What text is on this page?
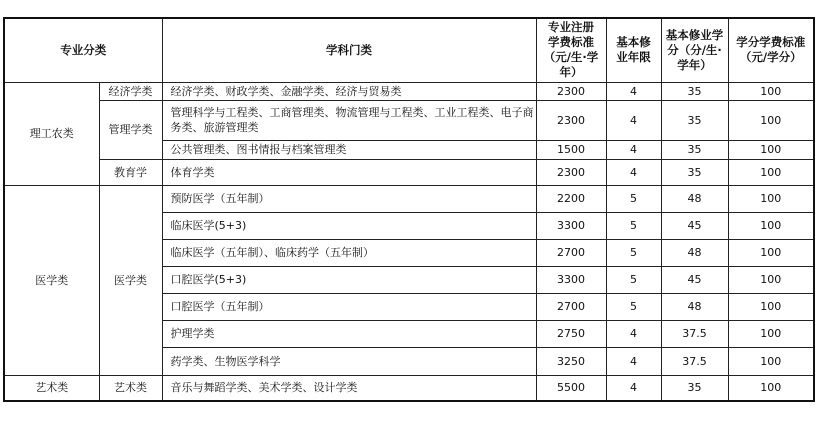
专业分类		学科门类	专业注册学费标准（元/生·学年）	基本修业年限	基本修业学分（分/生·学年）	学分学费标准（元/学分）
理工农类	经济学类	经济学类、财政学类、金融学类、经济与贸易类	2300	4	35	100
	管理学类	管理科学与工程类、工商管理类、物流管理与工程类、工业工程类、电子商务类、旅游管理类	2300	4	35	100
		公共管理类、图书情报与档案管理类	1500	4	35	100
	教育学	体育学类	2300	4	35	100
医学类	医学类	预防医学（五年制）	2200	5	48	100
		临床医学(5+3)	3300	5	45	100
		临床医学（五年制）、临床药学（五年制）	2700	5	48	100
		口腔医学(5+3)	3300	5	45	100
		口腔医学（五年制）	2700	5	48	100
		护理学类	2750	4	37.5	100
		药学类、生物医学科学	3250	4	37.5	100
艺术类	艺术类	音乐与舞蹈学类、美术学类、设计学类	5500	4	35	100
